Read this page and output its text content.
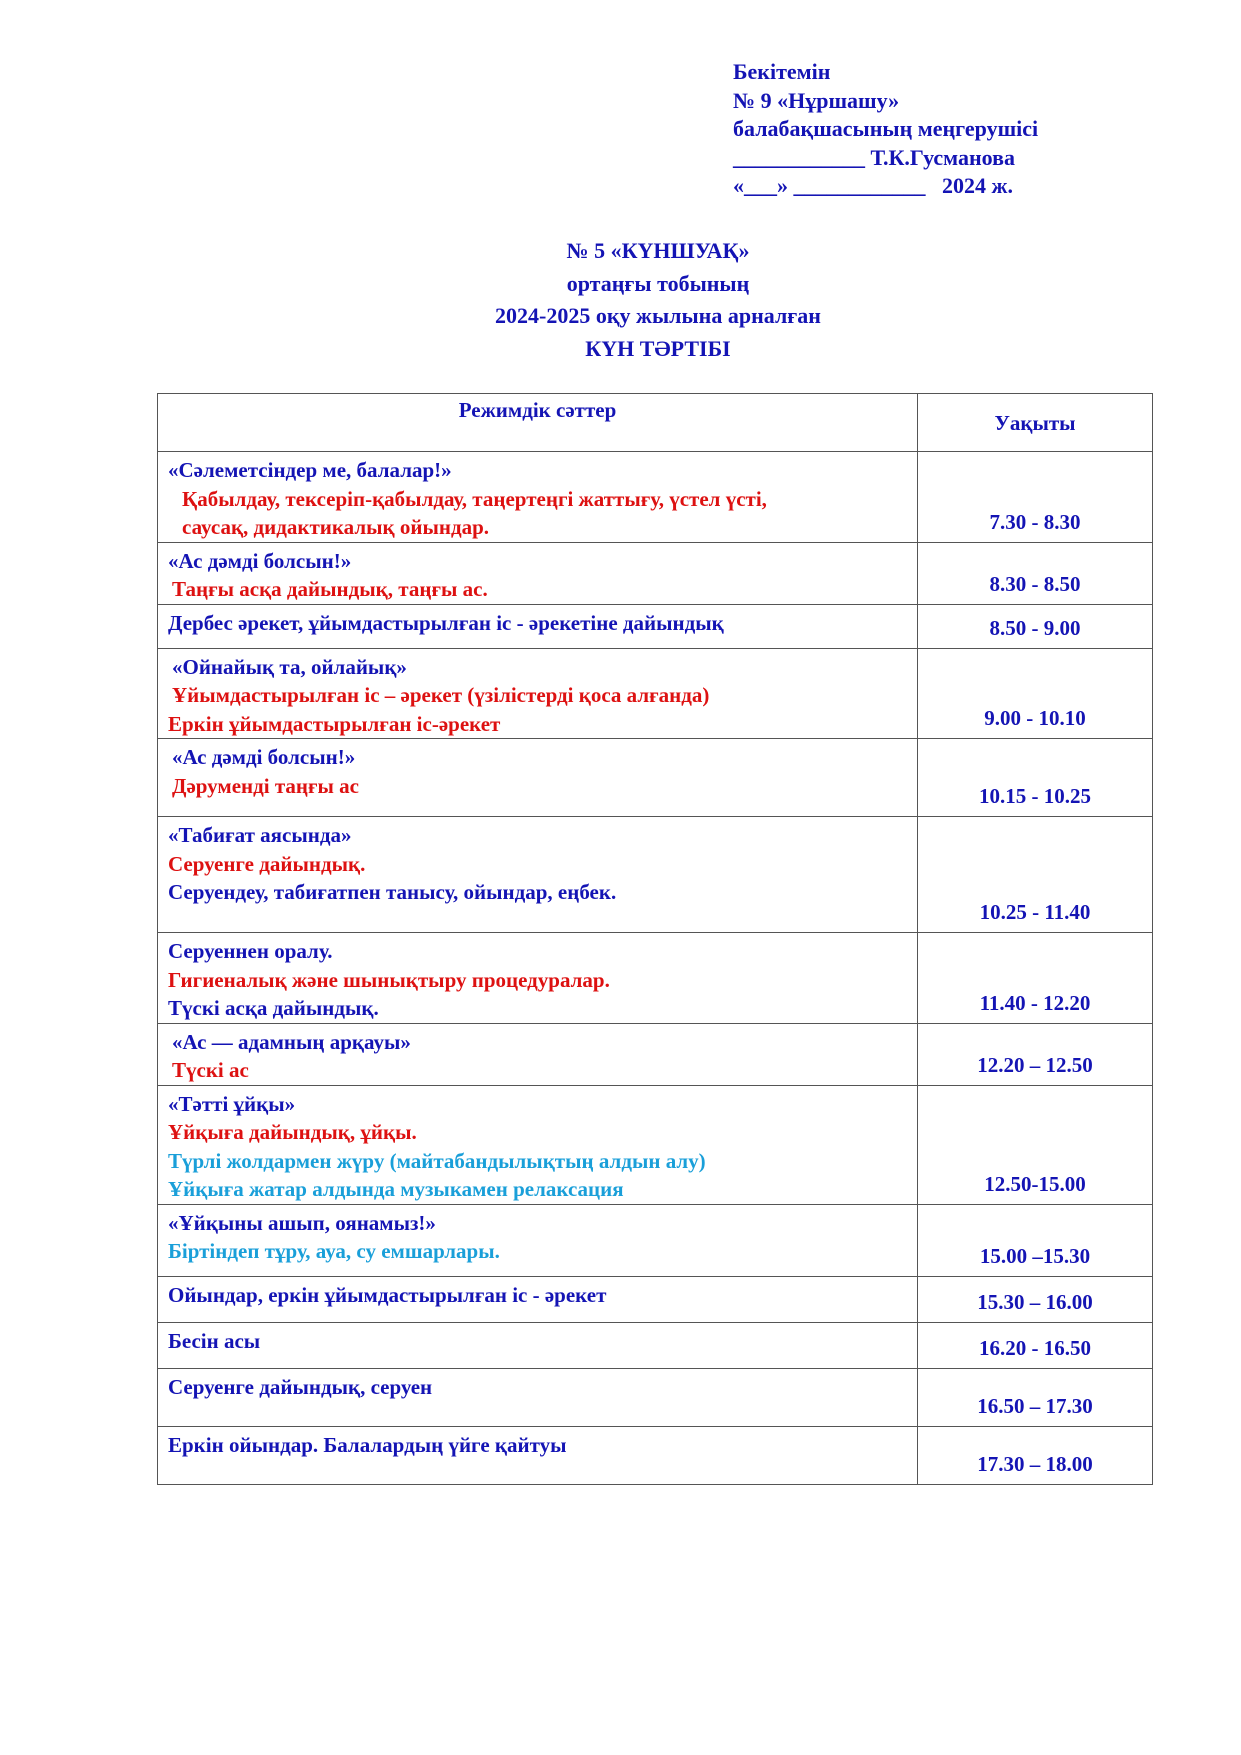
Бекітемін
№ 9 «Нұршашу»
балабақшасының меңгерушісі
____________ Т.К.Гусманова
«___» ____________   2024 ж.
№ 5 «КҮНШУАҚ»
ортаңғы тобының
2024-2025 оқу жылына арналған
КҮН ТӘРТІБІ
Режимдік сәттер	Уақыты

«Сәлеметсіндер ме, балалар!»
Қабылдау, тексеріп-қабылдау, таңертеңгі жаттығу, үстел үсті,
саусақ, дидактикалық ойындар.	7.30 - 8.30

«Ас дәмді болсын!»
Таңғы асқа дайындық, таңғы ас.	8.30 - 8.50

Дербес әрекет, ұйымдастырылған іс - әрекетіне дайындық	8.50 - 9.00

«Ойнайық та, ойлайық»
Ұйымдастырылған іс – әрекет (үзілістерді қоса алғанда)
Еркін ұйымдастырылған іс-әрекет	9.00 - 10.10

«Ас дәмді болсын!»
Дәрумендi таңғы ас	10.15 - 10.25

«Табиғат аясында»
Серуенге дайындық.
Серуендеу, табиғатпен танысу, ойындар, еңбек.	10.25 - 11.40

Серуеннен оралу.
Гигиеналық және шынықтыру процедуралар.
Түскі асқа дайындық.	11.40 - 12.20

«Ас — адамның арқауы»
Түскі ас	12.20 – 12.50

«Тәтті ұйқы»
Ұйқыға дайындық, ұйқы.
Түрлі жолдармен жүру (майтабандылықтың алдын алу)
Ұйқыға жатар алдында музыкамен релаксация	12.50-15.00

«Ұйқыны ашып, оянамыз!»
Біртіндеп тұру, ауа, су емшарлары.	15.00 –15.30

Ойындар, еркін ұйымдастырылған іс - әрекет	15.30 – 16.00

Бесін асы	16.20 - 16.50

Серуенге дайындық, серуен	16.50 – 17.30

Еркін ойындар. Балалардың үйге қайтуы	17.30 – 18.00
